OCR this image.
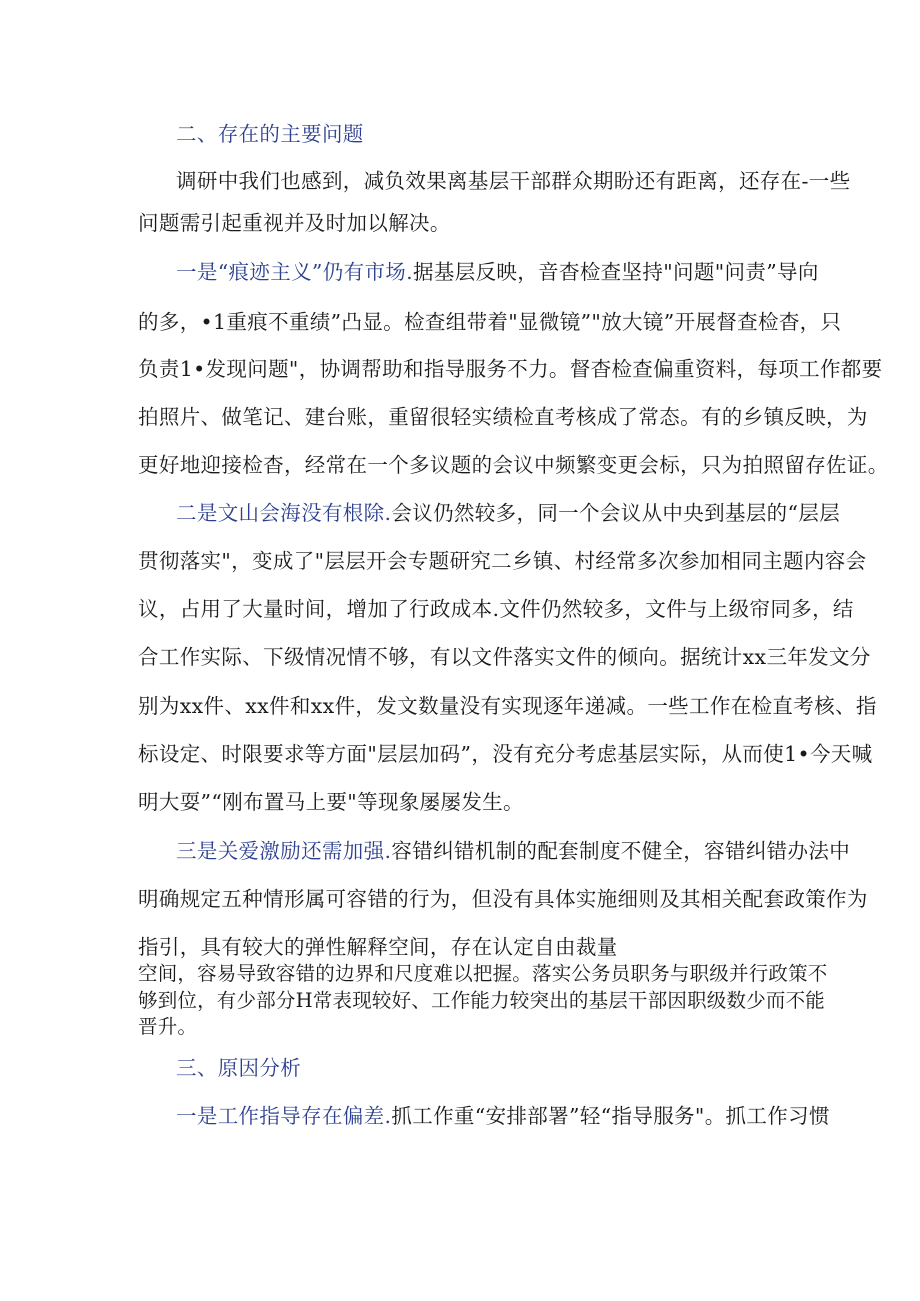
二、存在的主要问题
调研中我们也感到，减负效果离基层干部群众期盼还有距离，还存在-一些
问题需引起重视并及时加以解决。
一是“痕迹主义”仍有市场.据基层反映，音杳检查坚持"问题"问责”导向
的多，•1重痕不重绩”凸显。检查组带着"显微镜”"放大镜”开展督查检杳，只
负责1•发现问题"，协调帮助和指导服务不力。督杳检查偏重资料，每项工作都要
拍照片、做笔记、建台账，重留很轻实绩检直考核成了常态。有的乡镇反映，为
更好地迎接检杳，经常在一个多议题的会议中频繁变更会标，只为拍照留存佐证。
二是文山会海没有根除.会议仍然较多，同一个会议从中央到基层的“层层
贯彻落实"，变成了"层层开会专题研究二乡镇、村经常多次参加相同主题内容会
议，占用了大量时间，增加了行政成本.文件仍然较多，文件与上级帘同多，结
合工作实际、下级情况情不够，有以文件落实文件的倾向。据统计xx三年发文分
别为xx件、xx件和xx件，发文数量没有实现逐年递减。一些工作在检直考核、指
标设定、时限要求等方面"层层加码”，没有充分考虑基层实际，从而使1•今天喊
明大耍”“刚布置马上要"等现象屡屡发生。
三是关爱激励还需加强.容错纠错机制的配套制度不健全，容错纠错办法中
明确规定五种情形属可容错的行为，但没有具体实施细则及其相关配套政策作为
指引，具有较大的弹性解释空间，存在认定自由裁量
空间，容易导致容错的边界和尺度难以把握。落实公务员职务与职级并行政策不
够到位，有少部分H常表现较好、工作能力较突出的基层干部因职级数少而不能
晋升。
三、原因分析
一是工作指导存在偏差.抓工作重“安排部署”轻“指导服务"。抓工作习惯
